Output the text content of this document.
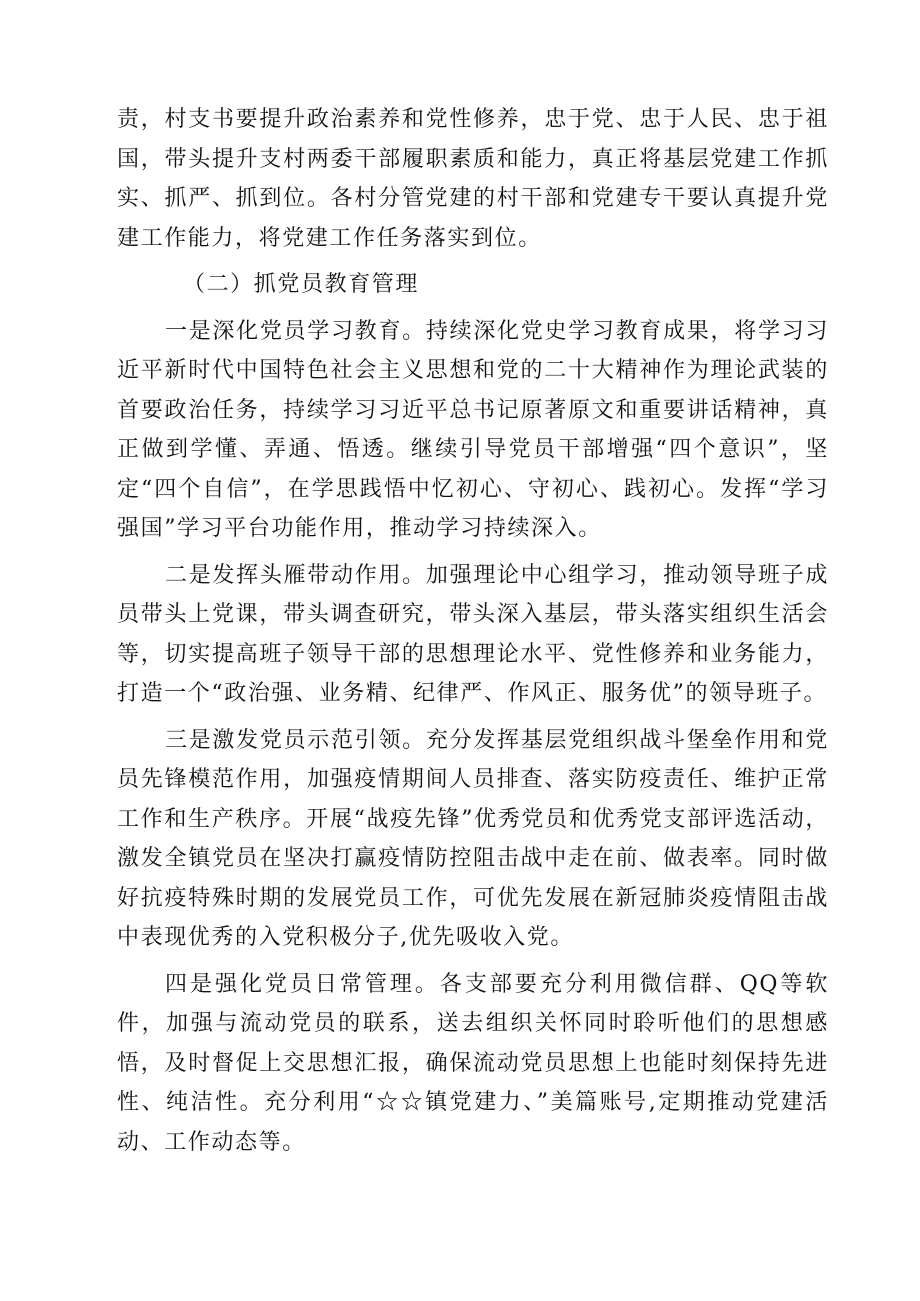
责，村支书要提升政治素养和党性修养，忠于党、忠于人民、忠于祖国，带头提升支村两委干部履职素质和能力，真正将基层党建工作抓实、抓严、抓到位。各村分管党建的村干部和党建专干要认真提升党建工作能力，将党建工作任务落实到位。

（二）抓党员教育管理

一是深化党员学习教育。持续深化党史学习教育成果，将学习习近平新时代中国特色社会主义思想和党的二十大精神作为理论武装的首要政治任务，持续学习习近平总书记原著原文和重要讲话精神，真正做到学懂、弄通、悟透。继续引导党员干部增强“四个意识”，坚定“四个自信”，在学思践悟中忆初心、守初心、践初心。发挥“学习强国”学习平台功能作用，推动学习持续深入。

二是发挥头雁带动作用。加强理论中心组学习，推动领导班子成员带头上党课，带头调查研究，带头深入基层，带头落实组织生活会等，切实提高班子领导干部的思想理论水平、党性修养和业务能力，打造一个“政治强、业务精、纪律严、作风正、服务优”的领导班子。

三是激发党员示范引领。充分发挥基层党组织战斗堡垒作用和党员先锋模范作用，加强疫情期间人员排查、落实防疫责任、维护正常工作和生产秩序。开展“战疫先锋”优秀党员和优秀党支部评选活动，激发全镇党员在坚决打赢疫情防控阻击战中走在前、做表率。同时做好抗疫特殊时期的发展党员工作，可优先发展在新冠肺炎疫情阻击战中表现优秀的入党积极分子,优先吸收入党。

四是强化党员日常管理。各支部要充分利用微信群、QQ等软件，加强与流动党员的联系，送去组织关怀同时聆听他们的思想感悟，及时督促上交思想汇报，确保流动党员思想上也能时刻保持先进性、纯洁性。充分利用“☆☆镇党建力、”美篇账号,定期推动党建活动、工作动态等。
